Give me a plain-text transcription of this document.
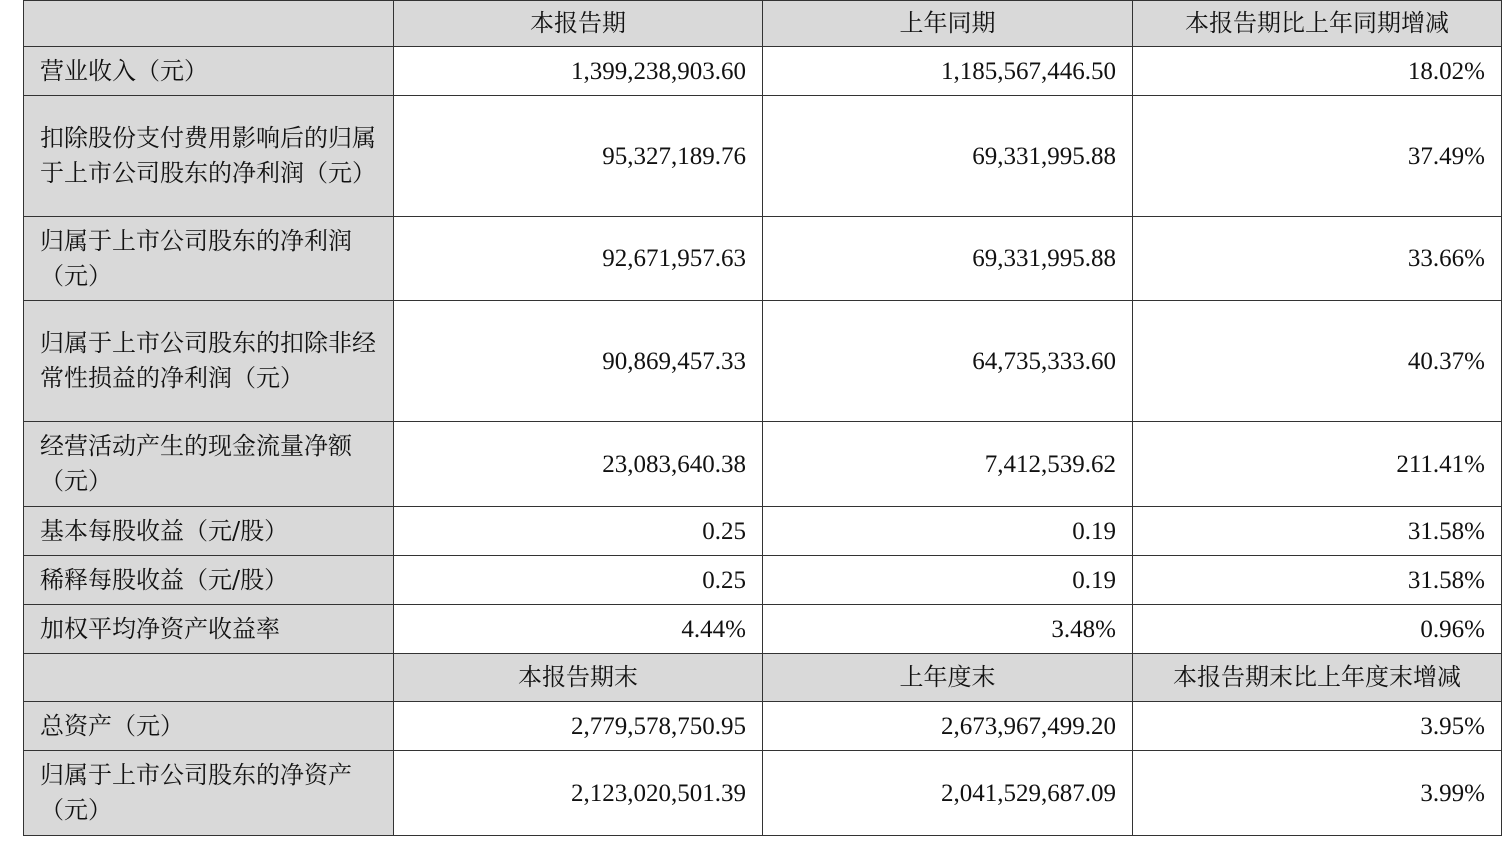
	本报告期	上年同期	本报告期比上年同期增减
营业收入（元）	1,399,238,903.60	1,185,567,446.50	18.02%
扣除股份支付费用影响后的归属于上市公司股东的净利润（元）	95,327,189.76	69,331,995.88	37.49%
归属于上市公司股东的净利润（元）	92,671,957.63	69,331,995.88	33.66%
归属于上市公司股东的扣除非经常性损益的净利润（元）	90,869,457.33	64,735,333.60	40.37%
经营活动产生的现金流量净额（元）	23,083,640.38	7,412,539.62	211.41%
基本每股收益（元/股）	0.25	0.19	31.58%
稀释每股收益（元/股）	0.25	0.19	31.58%
加权平均净资产收益率	4.44%	3.48%	0.96%
	本报告期末	上年度末	本报告期末比上年度末增减
总资产（元）	2,779,578,750.95	2,673,967,499.20	3.95%
归属于上市公司股东的净资产（元）	2,123,020,501.39	2,041,529,687.09	3.99%
